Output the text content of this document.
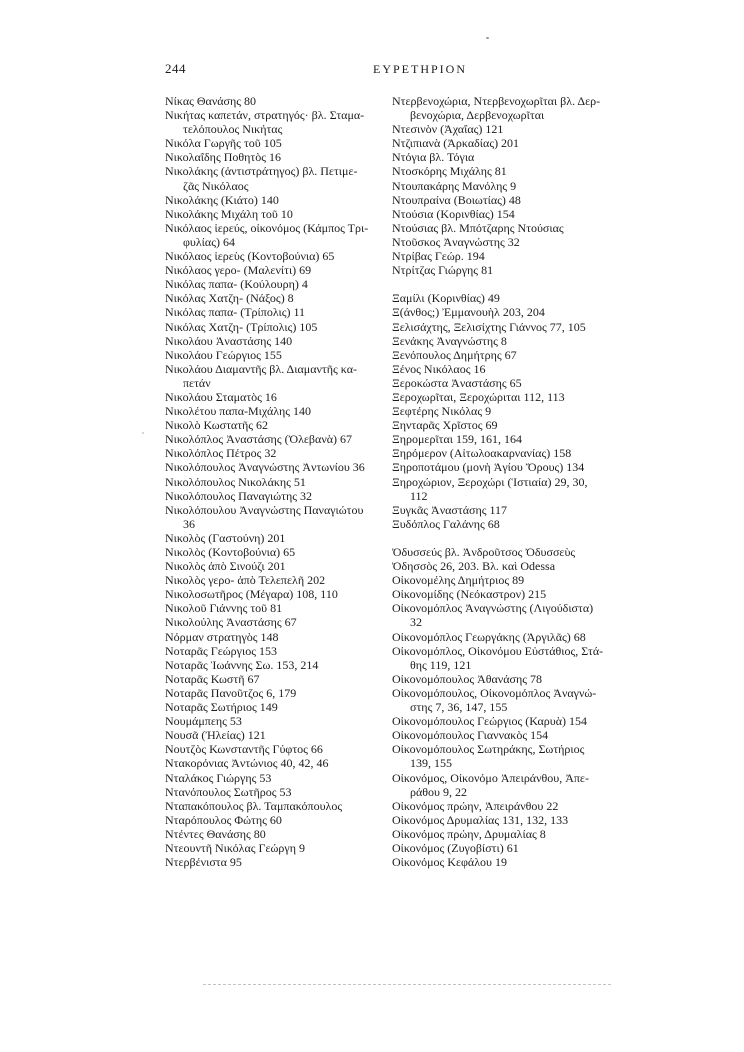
244	ΕΥΡΕΤΗΡΙΟΝ
Νίκας Θανάσης 80
Νικήτας καπετάν, στρατηγός· βλ. Σταμα-
τελόπουλος Νικήτας
Νικόλα Γωργῆς τοῦ 105
Νικολαΐδης Ποθητὸς 16
Νικολάκης (ἀντιστράτηγος) βλ. Πετιμε-
ζᾶς Νικόλαος
Νικολάκης (Κιάτο) 140
Νικολάκης Μιχάλη τοῦ 10
Νικόλαος ἱερεύς, οἰκονόμος (Κάμπος Τρι-
φυλίας) 64
Νικόλαος ἱερεὺς (Κοντοβούνια) 65
Νικόλαος γερο- (Μαλενίτι) 69
Νικόλας παπα- (Κούλουρη) 4
Νικόλας Χατζη- (Νάξος) 8
Νικόλας παπα- (Τρίπολις) 11
Νικόλας Χατζη- (Τρίπολις) 105
Νικολάου Ἀναστάσης 140
Νικολάου Γεώργιος 155
Νικολάου Διαμαντῆς βλ. Διαμαντῆς κα-
πετάν
Νικολάου Σταματὸς 16
Νικολέτου παπα-Μιχάλης 140
Νικολὸ Κωστατῆς 62
Νικολόπλος Ἀναστάσης (Ὀλεβανὰ) 67
Νικολόπλος Πέτρος 32
Νικολόπουλος Ἀναγνώστης Ἀντωνίου 36
Νικολόπουλος Νικολάκης 51
Νικολόπουλος Παναγιώτης 32
Νικολόπουλου Ἀναγνώστης Παναγιώτου
36
Νικολὸς (Γαστούνη) 201
Νικολὸς (Κοντοβούνια) 65
Νικολὸς ἀπὸ Σινούζι 201
Νικολὸς γερο- ἀπὸ Τελεπελῆ 202
Νικολοσωτῆρος (Μέγαρα) 108, 110
Νικολοῦ Γιάννης τοῦ 81
Νικολούλης Ἀναστάσης 67
Νόρμαν στρατηγὸς 148
Νοταρᾶς Γεώργιος 153
Νοταρᾶς Ἰωάννης Σω. 153, 214
Νοταρᾶς Κωστῆ 67
Νοταρᾶς Πανοῦτζος 6, 179
Νοταρᾶς Σωτήριος 149
Νουμάμπεης 53
Νουσᾶ (Ἠλείας) 121
Νουτζὸς Κωνσταντῆς Γύφτος 66
Ντακορόνιας Ἀντώνιος 40, 42, 46
Νταλάκος Γιώργης 53
Ντανόπουλος Σωτῆρος 53
Νταπακόπουλος βλ. Ταμπακόπουλος
Νταρόπουλος Φώτης 60
Ντέντες Θανάσης 80
Ντεουντῆ Νικόλας Γεώργη 9
Ντερβένιστα 95
Ντερβενοχώρια, Ντερβενοχωρῖται βλ. Δερ-
βενοχώρια, Δερβενοχωρῖται
Ντεσινὸν (Ἀχαΐας) 121
Ντζιπιανὰ (Ἀρκαδίας) 201
Ντόγια βλ. Τόγια
Ντοσκόρης Μιχάλης 81
Ντουπακάρης Μανόλης 9
Ντουπραίνα (Βοιωτίας) 48
Ντούσια (Κορινθίας) 154
Ντούσιας βλ. Μπότζαρης Ντούσιας
Ντοῦσκος Ἀναγνώστης 32
Ντρίβας Γεώρ. 194
Ντρίτζας Γιώργης 81
Ξαμίλι (Κορινθίας) 49
Ξ(άνθος;) Ἐμμανουὴλ 203, 204
Ξελισάχτης, Ξελισίχτης Γιάννος 77, 105
Ξενάκης Ἀναγνώστης 8
Ξενόπουλος Δημήτρης 67
Ξένος Νικόλαος 16
Ξεροκώστα Ἀναστάσης 65
Ξεροχωρῖται, Ξεροχώριται 112, 113
Ξεφτέρης Νικόλας 9
Ξηνταρᾶς Χρῖστος 69
Ξηρομερῖται 159, 161, 164
Ξηρόμερον (Αἰτωλοακαρνανίας) 158
Ξηροποτάμου (μονὴ Ἁγίου Ὄρους) 134
Ξηροχώριον, Ξεροχώρι (Ἱστιαία) 29, 30,
112
Ξυγκᾶς Ἀναστάσης 117
Ξυδόπλος Γαλάνης 68
Ὀδυσσεύς βλ. Ἀνδροῦτσος Ὀδυσσεὺς
Ὀδησσὸς 26, 203. Βλ. καὶ Odessa
Οἰκονομέλης Δημήτριος 89
Οἰκονομίδης (Νεόκαστρον) 215
Οἰκονομόπλος Ἀναγνώστης (Λιγούδιστα)
32
Οἰκονομόπλος Γεωργάκης (Ἀργιλᾶς) 68
Οἰκονομόπλος, Οἰκονόμου Εὐστάθιος, Στά-
θης 119, 121
Οἰκονομόπουλος Ἀθανάσης 78
Οἰκονομόπουλος, Οἰκονομόπλος Ἀναγνώ-
στης 7, 36, 147, 155
Οἰκονομόπουλος Γεώργιος (Καρυὰ) 154
Οἰκονομόπουλος Γιαννακὸς 154
Οἰκονομόπουλος Σωτηράκης, Σωτήριος
139, 155
Οἰκονόμος, Οἰκονόμο Ἀπειράνθου, Ἀπε-
ράθου 9, 22
Οἰκονόμος πρώην, Ἀπειράνθου 22
Οἰκονόμος Δρυμαλίας 131, 132, 133
Οἰκονόμος πρώην, Δρυμαλίας 8
Οἰκονόμος (Ζυγοβίστι) 61
Οἰκονόμος Κεφάλου 19
